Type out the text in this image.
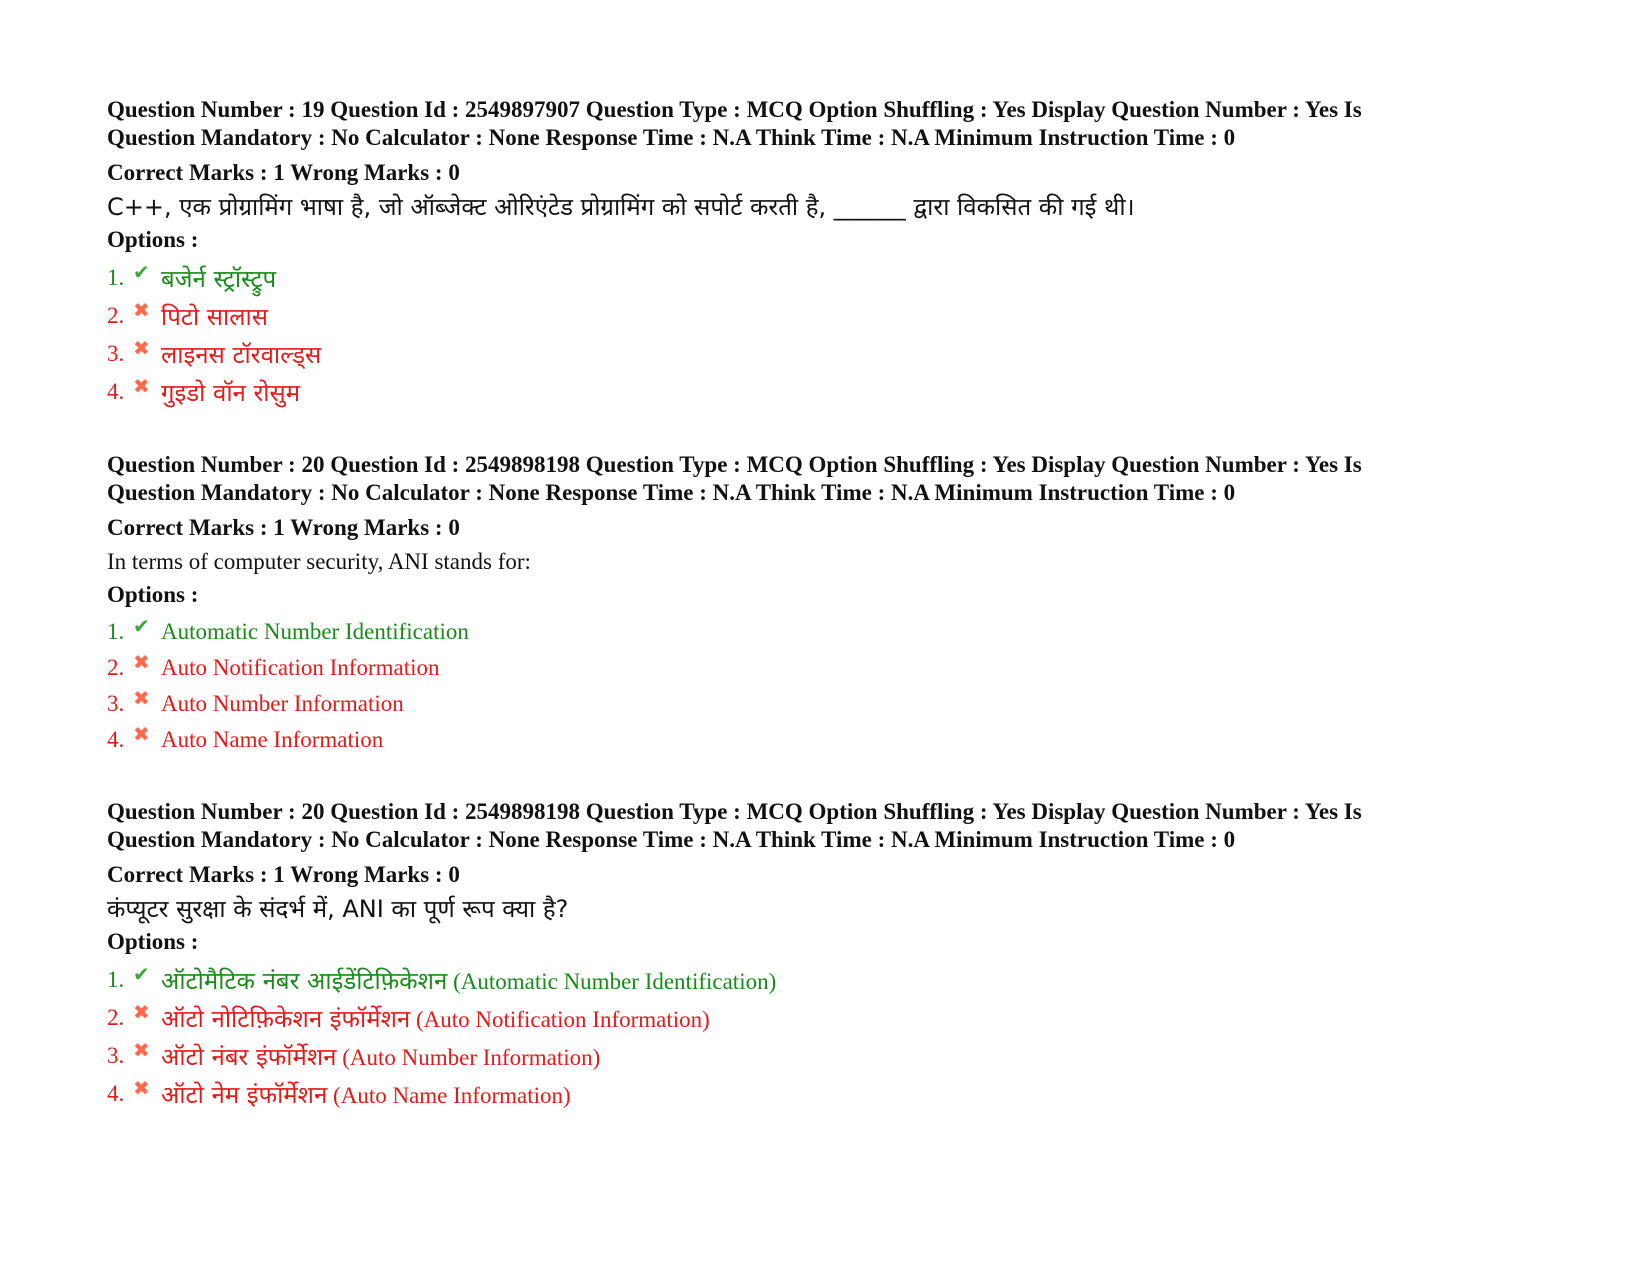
Question Number : 19 Question Id : 2549897907 Question Type : MCQ Option Shuffling : Yes Display Question Number : Yes Is
Question Mandatory : No Calculator : None Response Time : N.A Think Time : N.A Minimum Instruction Time : 0

Correct Marks : 1 Wrong Marks : 0

C++, एक प्रोग्रामिंग भाषा है, जो ऑब्जेक्ट ओरिएंटेड प्रोग्रामिंग को सपोर्ट करती है, ______ द्वारा विकसित की गई थी।

Options :

1. ✔ बजेर्न स्ट्रॉस्ट्रुप
2. ✖ पिटो सालास
3. ✖ लाइनस टॉरवाल्ड्स
4. ✖ गुइडो वॉन रोसुम

Question Number : 20 Question Id : 2549898198 Question Type : MCQ Option Shuffling : Yes Display Question Number : Yes Is
Question Mandatory : No Calculator : None Response Time : N.A Think Time : N.A Minimum Instruction Time : 0

Correct Marks : 1 Wrong Marks : 0

In terms of computer security, ANI stands for:

Options :

1. ✔ Automatic Number Identification
2. ✖ Auto Notification Information
3. ✖ Auto Number Information
4. ✖ Auto Name Information

Question Number : 20 Question Id : 2549898198 Question Type : MCQ Option Shuffling : Yes Display Question Number : Yes Is
Question Mandatory : No Calculator : None Response Time : N.A Think Time : N.A Minimum Instruction Time : 0

Correct Marks : 1 Wrong Marks : 0

कंप्यूटर सुरक्षा के संदर्भ में, ANI का पूर्ण रूप क्या है?

Options :

1. ✔ ऑटोमैटिक नंबर आईडेंटिफ़िकेशन (Automatic Number Identification)
2. ✖ ऑटो नोटिफ़िकेशन इंफॉर्मेशन (Auto Notification Information)
3. ✖ ऑटो नंबर इंफॉर्मेशन (Auto Number Information)
4. ✖ ऑटो नेम इंफॉर्मेशन (Auto Name Information)
